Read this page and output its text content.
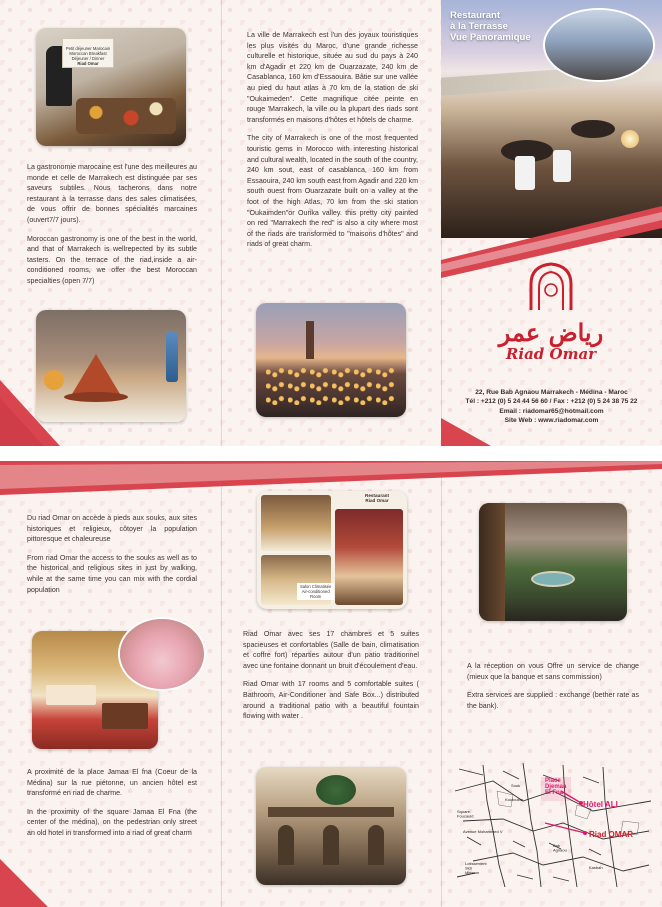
Petit déjeuner Marocain
Moroccan Breakfast
Déjeuner / Dinner

Riad Omar

La gastronomie marocaine est l'une des meilleures au monde et celle de Marrakech est distinguée par ses saveurs subtiles. Nous tacherons dans notre restaurant à la terrasse dans des sales climatisées, de vous offrir de bonnes spécialités marcaines (ouvert7/7 jours).

Moroccan gastronomy is one of the best in the world, and that of Marrakech is wellrepected by its subtle tasters. On the terrace of the riad,inside a air-conditioned rooms, we offer the best Moroccan specialties (open 7/7)

La ville de Marrakech est l'un des joyaux touristiques les plus visités du Maroc, d'une grande richesse culturelle et historique, située au sud du pays à 240 km d'Agadir et 220 km de Ouarzazate, 240 km de Casablanca, 160 km d'Essaouira. Bâtie sur une vallée au pied du haut atlas à 70 km de la station de ski "Oukaimeden". Cette magnifique citée peinte en rouge 'Marrakech, la ville ou la plupart des riads sont transformés en maisons d'hôtes et hôtels de charme.

The city of Marrakech is one of the most frequented touristic gems in Morocco with interesting historical and cultural wealth, located in the south of the country, 240 km sout, east of casablanca, 160 km from Essaouira, 240 km south east from Agadir and 220 km south ouest from Ouarzazate built on a valley at the foot of the high Atlas, 70 km from the ski station "Oukaimden"or Ourika valley. this pretty city painted on red "Marrakech the red" is also a city where most of the riads are transformed to "maisons d'hôtes" and riads of great charm.

Restaurant
à la Terrasse
Vue Panoramique
رياض عمر
Riad Omar
22, Rue Bab Agnaou Marrakech - Médina - Maroc
Tél : +212 (0) 5 24 44 56 60 / Fax : +212 (0) 5 24 38 75 22
Email : riadomar65@hotmail.com
Site Web : www.riadomar.com

Du riad Omar on accède à pieds aux souks, aux sites historiques et religieux, côtoyer la population pittoresque et chaleureuse

From riad Omar the access to the souks as well as to the historical and religious sites in just by walking, while at the same time you can mix with the cordial population

A proximité de la place Jamaa El fna (Coeur de la Médina) sur la rue piétonne, un ancien hôtel est transformé en riad de charme.

In the proximity of the square Jamaa El Fna (the center of the médina), on the pedestrian only street an old hotel in transformed into a riad of great charm

Restaurant
Riad Omar
Salon Climatisée
Air-conditioned
Room

Riad Omar avec ses 17 chambres et 5 suites spacieuses et confortables (Salle de bain, climatisation et coffre fort) réparties autour d'un patio traditionnel avec une fontaine donnant un bruit d'écoulement d'eau.

Riad Omar with 17 rooms and 5 comfortable suites ( Bathroom, Air-Conditioner and Safe Box...) distributed around a traditional patio with a beautiful fountain flowing with water .

A la réception on vous Offre un service de change (mieux que la banque et sans commission)

Extra services are supplied : exchange (bether rate as the bank).

Place Djemaa El Fna
Hôtel ALI
Riad OMAR
Souk
Koutoubia
Square Foucauld
Avenue Mohammed V
Bab Agnaou
Lotissement Sidi Mimoun
Kasbah
